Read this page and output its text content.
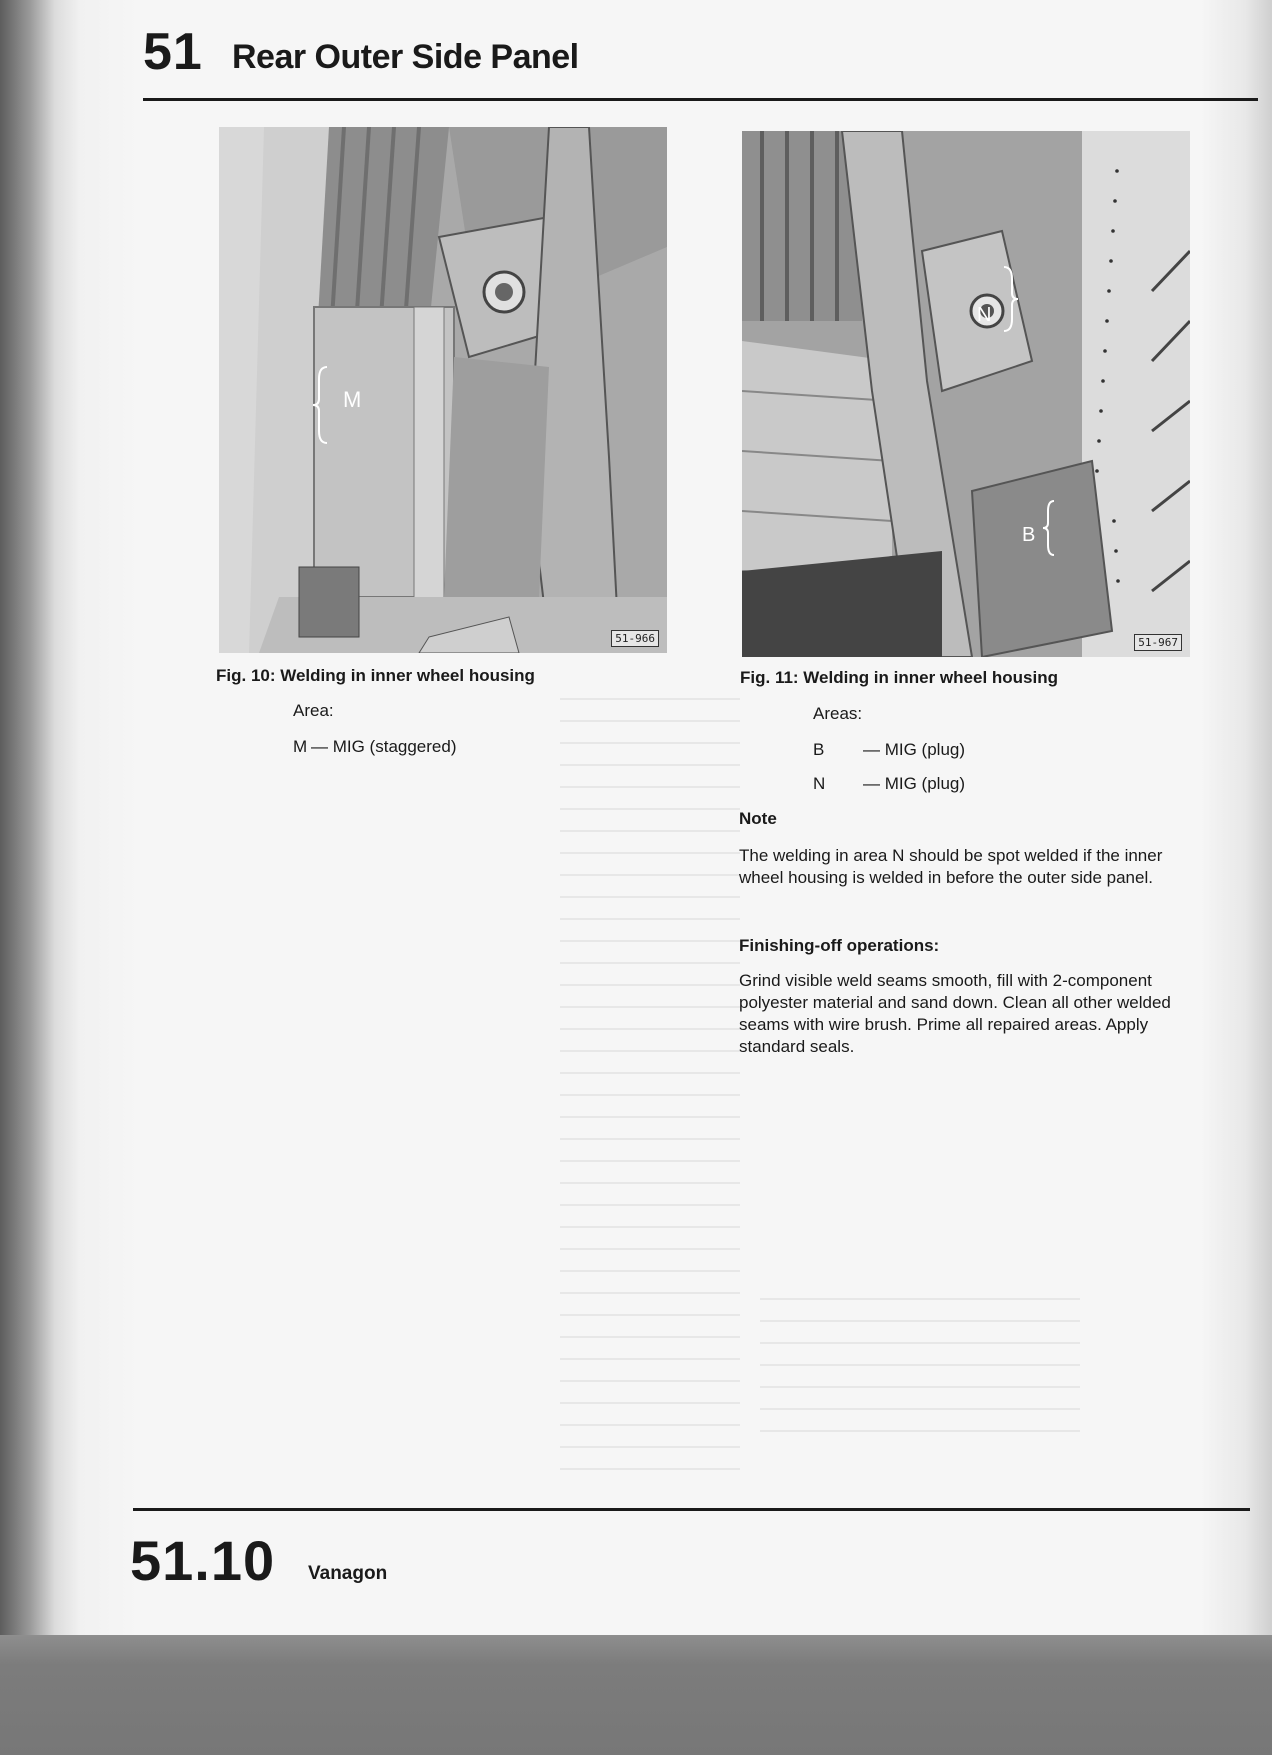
51 Rear Outer Side Panel
M
51-966
N
B
51-967
Fig. 10: Welding in inner wheel housing
Area:
M — MIG (staggered)
Fig. 11: Welding in inner wheel housing
Areas:
B — MIG (plug)
N — MIG (plug)
Note
The welding in area N should be spot welded if the inner wheel housing is welded in before the outer side panel.
Finishing-off operations:
Grind visible weld seams smooth, fill with 2-component polyester material and sand down. Clean all other welded seams with wire brush. Prime all repaired areas. Apply standard seals.
51.10 Vanagon
